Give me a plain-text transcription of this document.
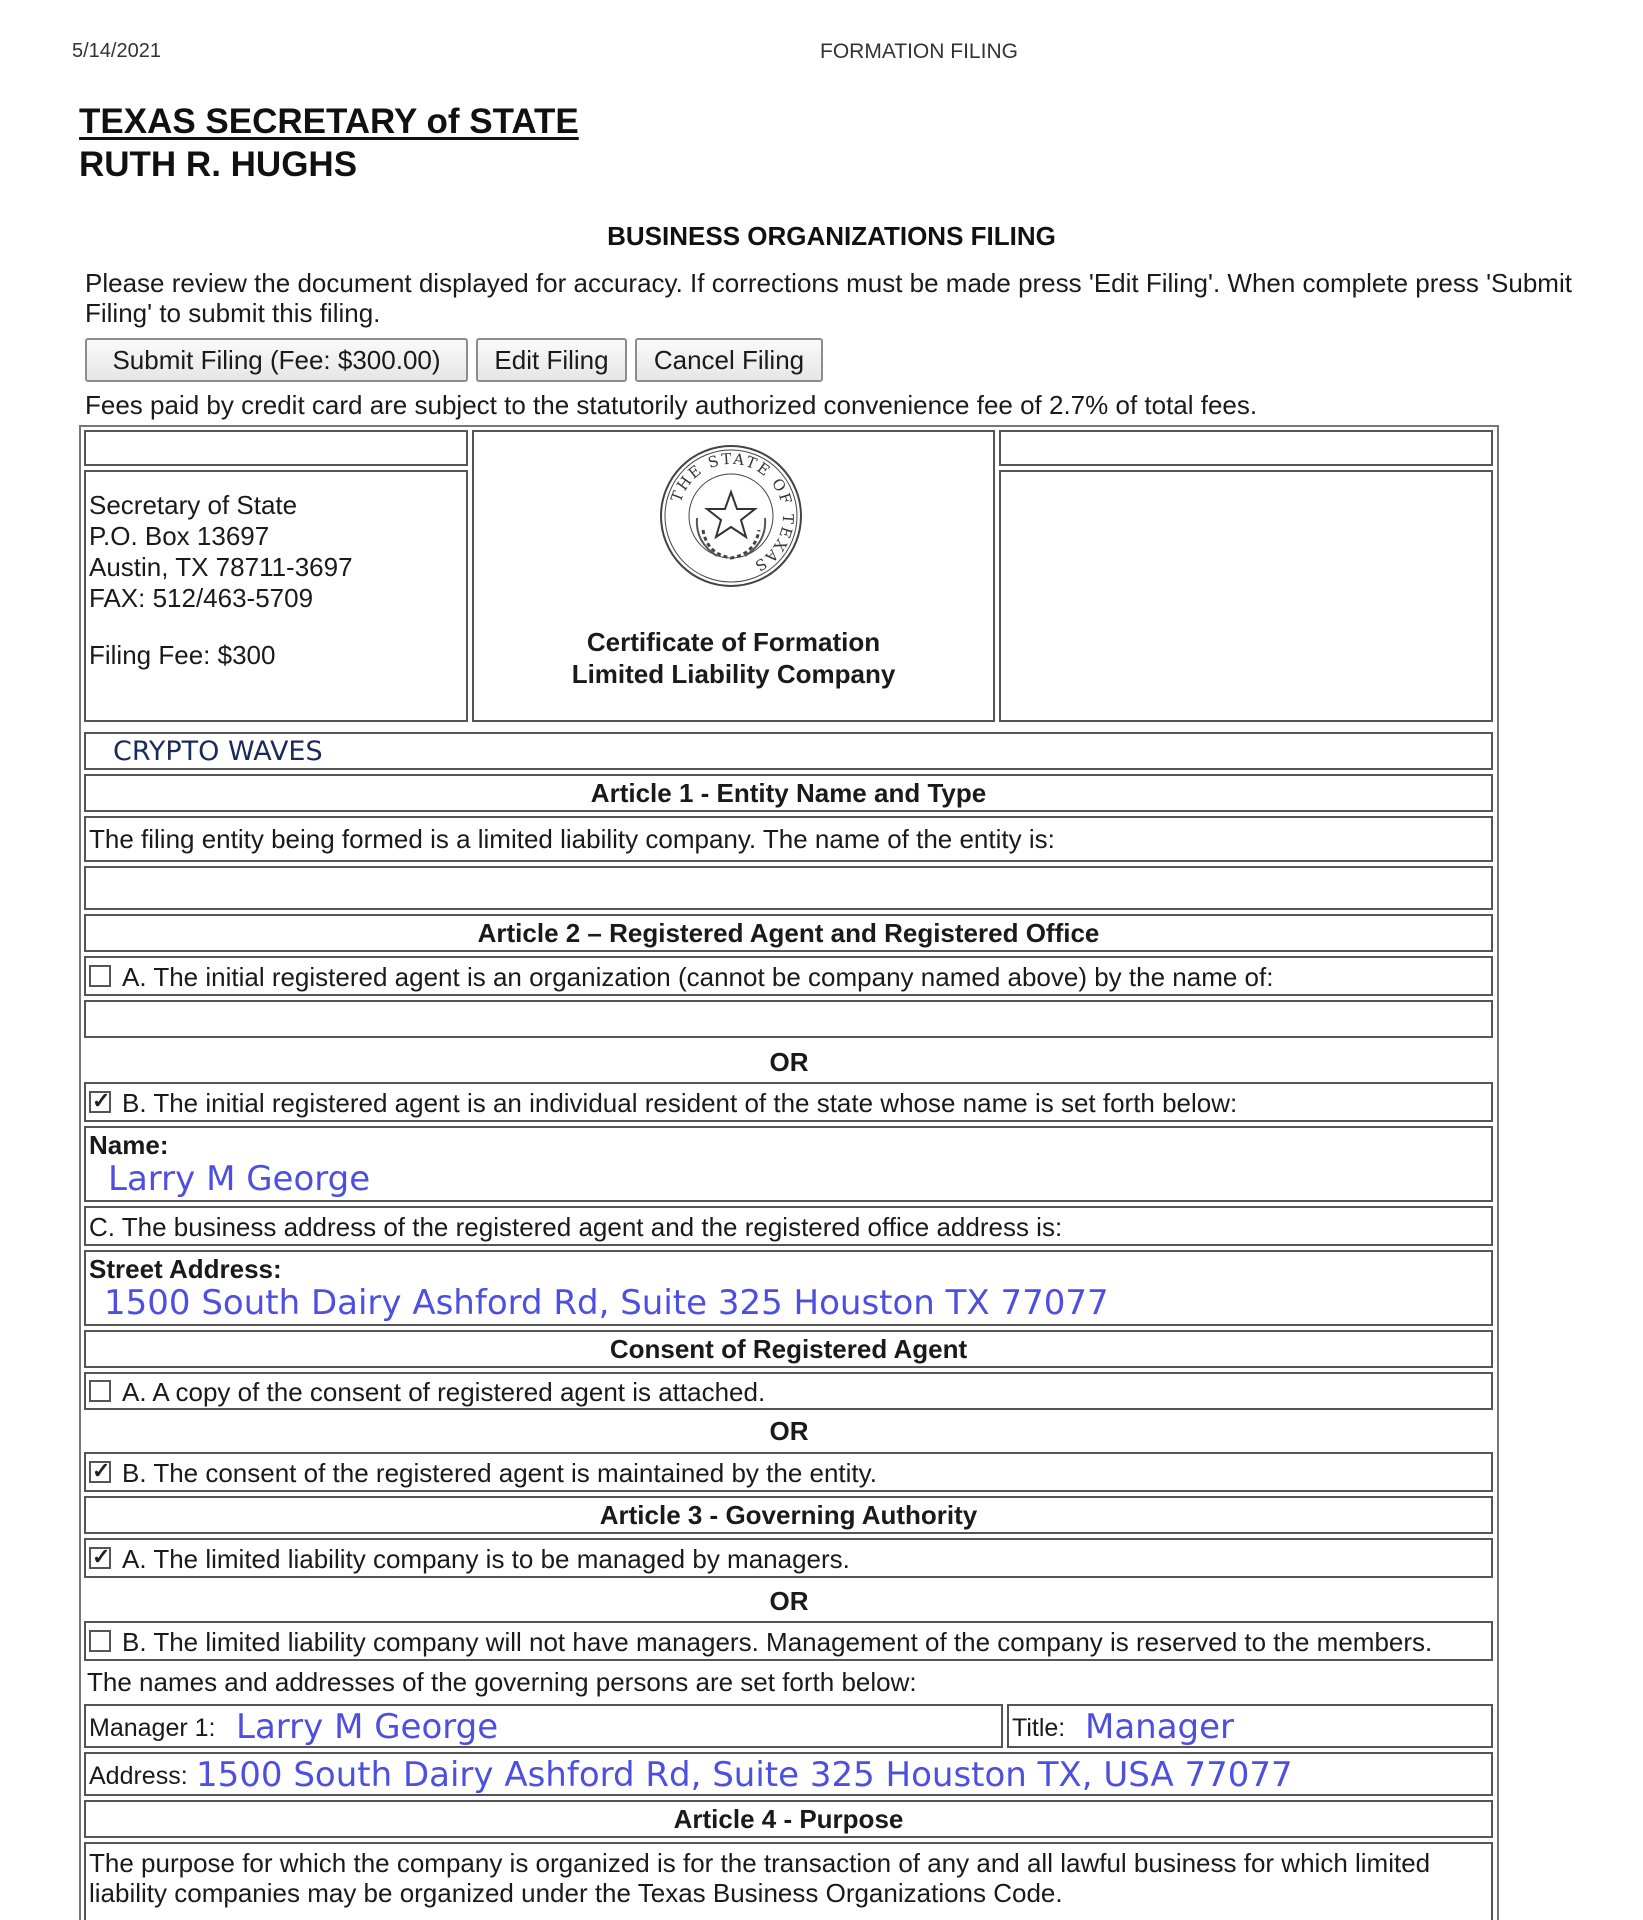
5/14/2021	FORMATION FILING
TEXAS SECRETARY of STATE
RUTH R. HUGHS
BUSINESS ORGANIZATIONS FILING
Please review the document displayed for accuracy. If corrections must be made press 'Edit Filing'. When complete press 'Submit Filing' to submit this filing.
Submit Filing (Fee: $300.00)	Edit Filing	Cancel Filing
Fees paid by credit card are subject to the statutorily authorized convenience fee of 2.7% of total fees.
Secretary of State
P.O. Box 13697
Austin, TX 78711-3697
FAX: 512/463-5709
Filing Fee: $300
THE STATE OF TEXAS
Certificate of Formation
Limited Liability Company
CRYPTO WAVES
Article 1 - Entity Name and Type
The filing entity being formed is a limited liability company. The name of the entity is:
Article 2 – Registered Agent and Registered Office
A. The initial registered agent is an organization (cannot be company named above) by the name of:
OR
✓
B. The initial registered agent is an individual resident of the state whose name is set forth below:
Name:
Larry M George
C. The business address of the registered agent and the registered office address is:
Street Address:
1500 South Dairy Ashford Rd, Suite 325 Houston TX 77077
Consent of Registered Agent
A. A copy of the consent of registered agent is attached.
OR
✓
B. The consent of the registered agent is maintained by the entity.
Article 3 - Governing Authority
✓
A. The limited liability company is to be managed by managers.
OR
B. The limited liability company will not have managers. Management of the company is reserved to the members.
The names and addresses of the governing persons are set forth below:
Manager 1: Larry M George	Title: Manager
Address: 1500 South Dairy Ashford Rd, Suite 325 Houston TX, USA 77077
Article 4 - Purpose
The purpose for which the company is organized is for the transaction of any and all lawful business for which limited
liability companies may be organized under the Texas Business Organizations Code.
